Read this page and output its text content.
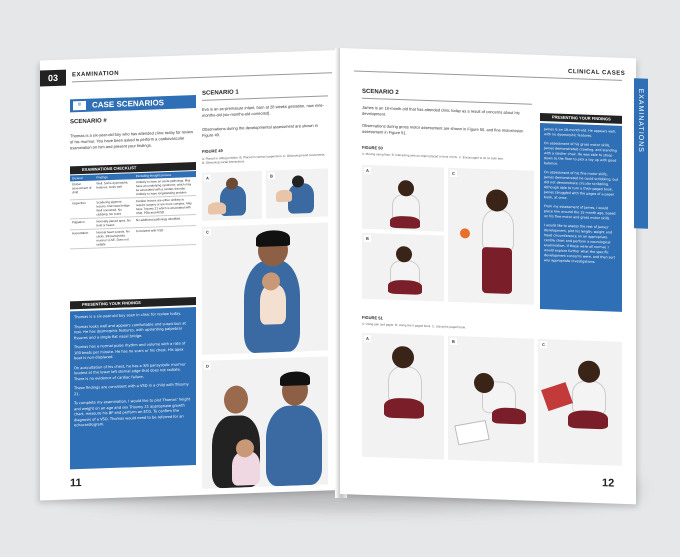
03	EXAMINATION
≡	CASE SCENARIOS
SCENARIO #
Thomas is a six-year-old boy who has attended clinic today for review of his murmur. You have been asked to perform a cardiovascular examination on him and present your findings.
EXAMINATIONS CHECKLIST
General	Findings	Excluding thought process
Global assessment of child	Well. Some dysmorphic features, looks well	Unlikely to have an acute pathology. May have an underlying syndrome, which may be associated with a cardiac disorder. Unlikely to have longstanding problem
Inspection	Scattering pigment lesions. Flat nasal bridge. Well nourished. No clubbing. No scars	Cardiac lesions are either unlikely to require surgery or are more complex. May have Trisomy 21 which is associated with VSD, PDA and AVSD
Palpation	Normally placed apex, No thrill or heave	No additional pathology identified
Auscultation	Normal heart sounds. No clicks. 3/6 pansystolic murmur LLSE. Does not radiate	Consistent with VSD
PRESENTING YOUR FINDINGS

Thomas is a six-year-old boy seen in clinic for review today.

Thomas looks well and appears comfortable and suspicious at rest. He has dysmorphic features, with upslanting palpebral fissures and a single flat nasal bridge.

Thomas has a normal pulse rhythm and volume with a rate of 100 beats per minute. He has no scars or his chest. His apex beat is non-displaced.

On auscultation of his chest, he has a 3/6 pansystolic murmur loudest at the lower left sternal edge that does not radiate. There is no evidence of cardiac failure.

These findings are consistent with a VSD in a child with Trisomy 21.

To complete my examination, I would like to plot Thomas' height and weight on an age and sex Trisomy 21 appropriate growth chart, measure his BP and perform an ECG. To confirm the diagnosis of a VSD, Thomas would need to be referred for an echocardiogram.

11
SCENARIO 1
Eva is an ex-premature infant, born at 28 weeks gestation, now nine-months-old (six-months-old corrected).
Observations during the developmental assessment are shown in Figure 49.
FIGURE 49
A: Placed in sitting position. B: Placed in ventral suspension. C: Observing hand movements. D: Observing social interactions.
A	B
C
D
CLINICAL CASES
EXAMINATIONS
SCENARIO 2
James is an 18-month-old that has attended clinic today as a result of concerns about his development.
Observations during gross motor assessment are shown in Figure 50, and fine motor/vision assessment in Figure 51.
FIGURE 50
A: Moving along floor. B: Interacting with an object placed in front of him. C: Encouraged to sit on both feet.
A
B
C
FIGURE 51
A: Using pen and paper. B: Using the 6 paged book. C: Using the paged book.
A
B
C
PRESENTING YOUR FINDINGS

James is an 18-month-old. He appears well, with no dysmorphic features.

On assessment of his gross motor skills, James demonstrated crawling, and standing with a stroller chair. He was able to stoop down to the floor to pick a toy up with good balance.

On assessment of his fine motor skills, James demonstrated he could scribbling, but did not demonstrate circular scribbling. Although able to turn a thick-paged book, James struggled with the pages of a paper book, at once.

From my assessment of James, I would place him around the 15 month age, based on his fine motor and gross motor skills.

I would like to assess the rest of James' development, plot his length, weight and head circumference on an appropriate centile chart and perform a neurological examination. If these were all normal, I would explore further what the specific development concerns were, and then sort any appropriate investigations.

12
